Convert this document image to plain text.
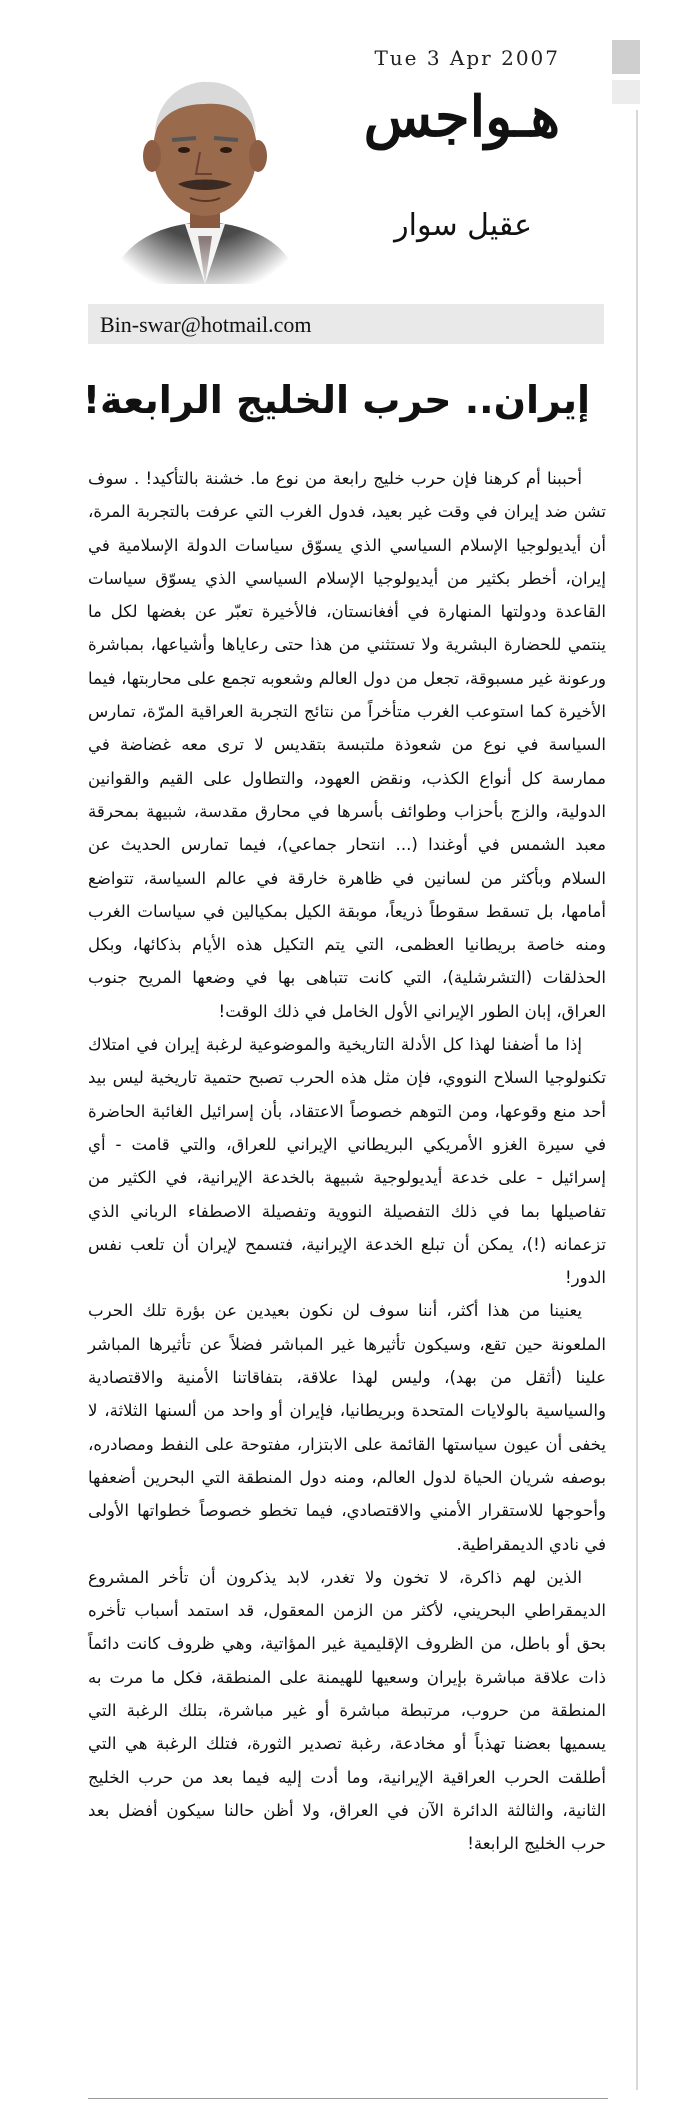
Tue 3 Apr 2007
هـواجس
عقيل سوار
Bin-swar@hotmail.com
إيران.. حرب الخليج الرابعة!

أحببنا أم كرهنا فإن حرب خليج رابعة من نوع ما. خشنة بالتأكيد! . سوف تشن ضد إيران في وقت غير بعيد، فدول الغرب التي عرفت بالتجربة المرة، أن أيديولوجيا الإسلام السياسي الذي يسوّق سياسات الدولة الإسلامية في إيران، أخطر بكثير من أيديولوجيا الإسلام السياسي الذي يسوّق سياسات القاعدة ودولتها المنهارة في أفغانستان، فالأخيرة تعبّر عن بغضها لكل ما ينتمي للحضارة البشرية ولا تستثني من هذا حتى رعاياها وأشياعها، بمباشرة ورعونة غير مسبوقة، تجعل من دول العالم وشعوبه تجمع على محاربتها، فيما الأخيرة كما استوعب الغرب متأخراً من نتائج التجربة العراقية المرّة، تمارس السياسة في نوع من شعوذة ملتبسة بتقديس لا ترى معه غضاضة في ممارسة كل أنواع الكذب، ونقض العهود، والتطاول على القيم والقوانين الدولية، والزج بأحزاب وطوائف بأسرها في محارق مقدسة، شبيهة بمحرقة معبد الشمس في أوغندا (... انتحار جماعي)، فيما تمارس الحديث عن السلام وبأكثر من لسانين في ظاهرة خارقة في عالم السياسة، تتواضع أمامها، بل تسقط سقوطاً ذريعاً، موبقة الكيل بمكيالين في سياسات الغرب ومنه خاصة بريطانيا العظمى، التي يتم التكيل هذه الأيام بذكائها، وبكل الحذلقات (التشرشلية)، التي كانت تتباهى بها في وضعها المريح جنوب العراق، إبان الطور الإيراني الأول الخامل في ذلك الوقت!

إذا ما أضفنا لهذا كل الأدلة التاريخية والموضوعية لرغبة إيران في امتلاك تكنولوجيا السلاح النووي، فإن مثل هذه الحرب تصبح حتمية تاريخية ليس بيد أحد منع وقوعها، ومن التوهم خصوصاً الاعتقاد، بأن إسرائيل الغائبة الحاضرة في سيرة الغزو الأمريكي البريطاني الإيراني للعراق، والتي قامت - أي إسرائيل - على خدعة أيديولوجية شبيهة بالخدعة الإيرانية، في الكثير من تفاصيلها بما في ذلك التفصيلة النووية وتفصيلة الاصطفاء الرباني الذي تزعمانه (!)، يمكن أن تبلع الخدعة الإيرانية، فتسمح لإيران أن تلعب نفس الدور!

يعنينا من هذا أكثر، أننا سوف لن نكون بعيدين عن بؤرة تلك الحرب الملعونة حين تقع، وسيكون تأثيرها غير المباشر فضلاً عن تأثيرها المباشر علينا (أثقل من بهد)، وليس لهذا علاقة، بتفاقاتنا الأمنية والاقتصادية والسياسية بالولايات المتحدة وبريطانيا، فإيران أو واحد من ألسنها الثلاثة، لا يخفى أن عيون سياستها القائمة على الابتزار، مفتوحة على النفط ومصادره، بوصفه شريان الحياة لدول العالم، ومنه دول المنطقة التي البحرين أضعفها وأحوجها للاستقرار الأمني والاقتصادي، فيما تخطو خصوصاً خطواتها الأولى في نادي الديمقراطية.

الذين لهم ذاكرة، لا تخون ولا تغدر، لابد يذكرون أن تأخر المشروع الديمقراطي البحريني، لأكثر من الزمن المعقول، قد استمد أسباب تأخره بحق أو باطل، من الظروف الإقليمية غير المؤاتية، وهي ظروف كانت دائماً ذات علاقة مباشرة بإيران وسعيها للهيمنة على المنطقة، فكل ما مرت به المنطقة من حروب، مرتبطة مباشرة أو غير مباشرة، بتلك الرغبة التي يسميها بعضنا تهذباً أو مخادعة، رغبة تصدير الثورة، فتلك الرغبة هي التي أطلقت الحرب العراقية الإيرانية، وما أدت إليه فيما بعد من حرب الخليج الثانية، والثالثة الدائرة الآن في العراق، ولا أظن حالنا سيكون أفضل بعد حرب الخليج الرابعة!
